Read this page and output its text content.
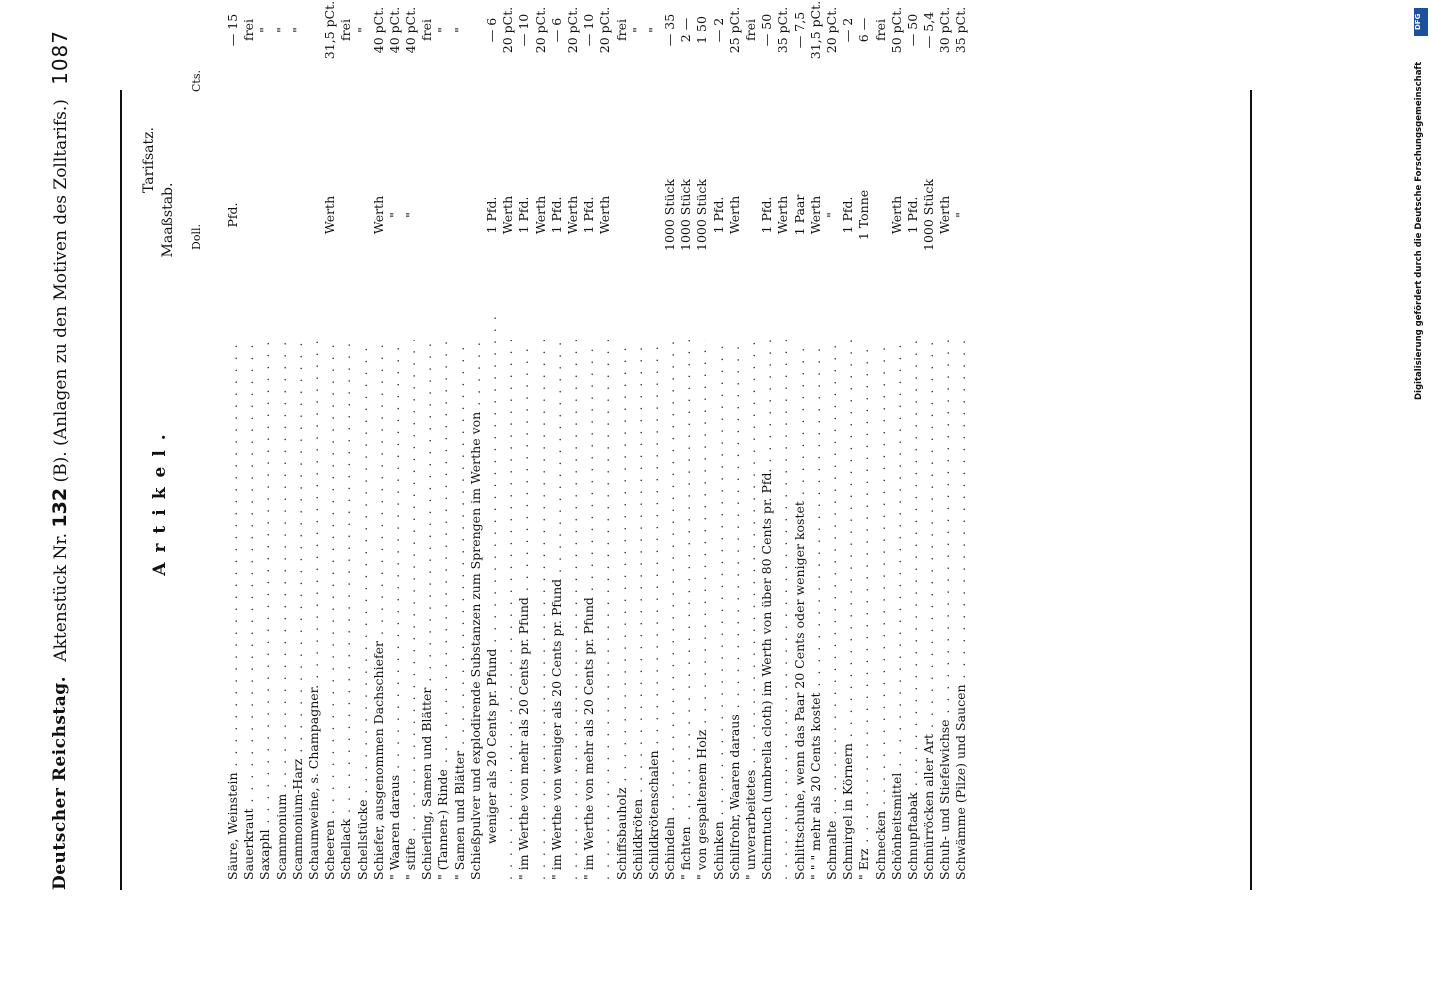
Deutscher Reichstag.
Aktenstück Nr. 132 (B). (Anlagen zu den Motiven des Zolltarifs.)
1087
Artikel.
Maaßstab.
Tarifsatz.
Doll.
Cts.
Säure, Weinstein . . .
Pfd.
— 15
Sauerkraut . . .
frei
Saxaphl . . .
"
Scammonium . . .
"
Scammonium-Harz . . .
"
Schaumweine, s. Champagner. . . . Scheeren . . .
Werth
31,5 pCt.
Schellack . . .
frei
Schellstücke . . .
"
Schiefer, ausgenommen Dachschiefer . . .
Werth
40 pCt.
" Waaren daraus . . .
"
40 pCt.
" stifte . . .
"
40 pCt.
Schierling, Samen und Blätter . . .
frei
" (Tannen-) Rinde . . .
"
" Samen und Blätter . . .
"
Schießpulver und explodirende Substanzen zum Sprengen im Werthe von . . . weniger als 20 Cents pr. Pfund . . .
1 Pfd.
— 6
. . .
Werth
20 pCt.
" im Werthe von mehr als 20 Cents pr. Pfund . . .
1 Pfd.
— 10
. . .
Werth
20 pCt.
" im Werthe von weniger als 20 Cents pr. Pfund . . .
1 Pfd.
— 6
. . .
Werth
20 pCt.
" im Werthe von mehr als 20 Cents pr. Pfund . . .
1 Pfd.
— 10
. . .
Werth
20 pCt.
Schiffsbauholz . . .
frei
Schildkröten . . .
"
Schildkrötenschalen . . .
"
Schindeln . . .
1000 Stück
— 35
" fichten . . .
1000 Stück
2 —
" von gespaltenem Holz . . .
1000 Stück
1 50
Schinken . . .
1 Pfd.
— 2
Schilfrohr, Waaren daraus . . .
Werth
25 pCt.
" unverarbeitetes . . .
frei
Schirmtuch (umbrella cloth) im Werth von über 80 Cents pr. Pfd. . . .
1 Pfd.
— 50
. . .
Werth
35 pCt.
Schlittschuhe, wenn das Paar 20 Cents oder weniger kostet . . .
1 Paar
— 7,5
" " " mehr als 20 Cents kostet . . .
Werth
31,5 pCt.
Schmalte . . .
"
20 pCt.
Schmirgel in Körnern . . .
1 Pfd.
— 2
" Erz . . .
1 Tonne
6 —
Schnecken . . .
frei
Schönheitsmittel . . .
Werth
50 pCt.
Schnupftabak . . .
1 Pfd.
— 50
Schnürröcken aller Art . . .
1000 Stück
— 5,4
Schuh- und Stiefelwichse . . .
Werth
30 pCt.
Schwämme (Pilze) und Saucen . . .
"
35 pCt.	DFG
Digitalisierung gefördert durch die Deutsche Forschungsgemeinschaft
